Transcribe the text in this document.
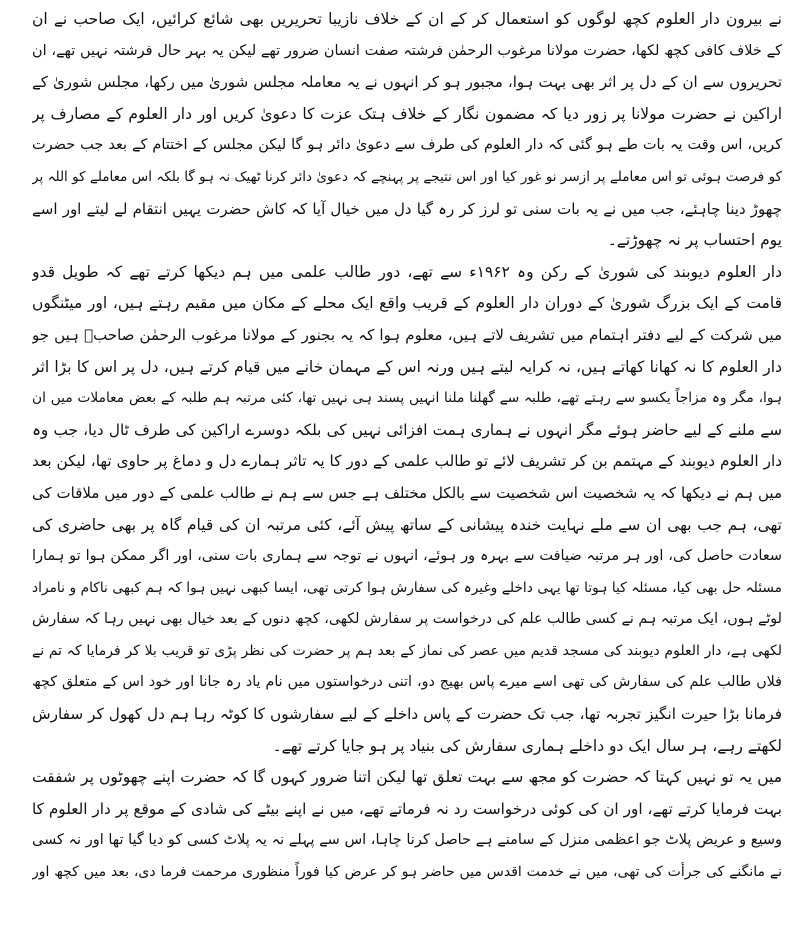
نے بیرون دار العلوم کچھ لوگوں کو استعمال کر کے ان کے خلاف نازیبا تحریریں بھی شائع کرائیں، ایک صاحب نے ان
کے خلاف کافی کچھ لکھا، حضرت مولانا مرغوب الرحمٰن فرشتہ صفت انسان ضرور تھے لیکن یہ بہر حال فرشتہ نہیں تھے، ان
تحریروں سے ان کے دل پر اثر بھی بہت ہوا، مجبور ہو کر انہوں نے یہ معاملہ مجلس شوریٰ میں رکھا، مجلس شوریٰ کے
اراکین نے حضرت مولانا پر زور دیا کہ مضمون نگار کے خلاف ہتک عزت کا دعویٰ کریں اور دار العلوم کے مصارف پر
کریں، اس وقت یہ بات طے ہو گئی کہ دار العلوم کی طرف سے دعویٰ دائر ہو گا لیکن مجلس کے اختتام کے بعد جب حضرت
کو فرصت ہوئی تو اس معاملے پر ازسر نو غور کیا اور اس نتیجے پر پہنچے کہ دعویٰ دائر کرنا ٹھیک نہ ہو گا بلکہ اس معاملے کو اللہ پر
چھوڑ دینا چاہئے، جب میں نے یہ بات سنی تو لرز کر رہ گیا دل میں خیال آیا کہ کاش حضرت یہیں انتقام لے لیتے اور اسے
یوم احتساب پر نہ چھوڑتے۔
دار العلوم دیوبند کی شوریٰ کے رکن وہ ۱۹۶۲ء سے تھے، دور طالب علمی میں ہم دیکھا کرتے تھے کہ طویل قدو
قامت کے ایک بزرگ شوریٰ کے دوران دار العلوم کے قریب واقع ایک محلے کے مکان میں مقیم رہتے ہیں، اور میٹنگوں
میں شرکت کے لیے دفتر اہتمام میں تشریف لاتے ہیں، معلوم ہوا کہ یہ بجنور کے مولانا مرغوب الرحمٰن صاحبؒ ہیں جو
دار العلوم کا نہ کھانا کھاتے ہیں، نہ کرایہ لیتے ہیں ورنہ اس کے مہمان خانے میں قیام کرتے ہیں، دل پر اس کا بڑا اثر
ہوا، مگر وہ مزاجاً یکسو سے رہتے تھے، طلبہ سے گھلنا ملنا انہیں پسند ہی نہیں تھا، کئی مرتبہ ہم طلبہ کے بعض معاملات میں ان
سے ملنے کے لیے حاضر ہوئے مگر انہوں نے ہماری ہمت افزائی نہیں کی بلکہ دوسرے اراکین کی طرف ٹال دیا، جب وہ
دار العلوم دیوبند کے مہتمم بن کر تشریف لائے تو طالب علمی کے دور کا یہ تاثر ہمارے دل و دماغ پر حاوی تھا، لیکن بعد
میں ہم نے دیکھا کہ یہ شخصیت اس شخصیت سے بالکل مختلف ہے جس سے ہم نے طالب علمی کے دور میں ملاقات کی
تھی، ہم جب بھی ان سے ملے نہایت خندہ پیشانی کے ساتھ پیش آئے، کئی مرتبہ ان کی قیام گاہ پر بھی حاضری کی
سعادت حاصل کی، اور ہر مرتبہ ضیافت سے بہرہ ور ہوئے، انہوں نے توجہ سے ہماری بات سنی، اور اگر ممکن ہوا تو ہمارا
مسئلہ حل بھی کیا، مسئلہ کیا ہوتا تھا یہی داخلے وغیرہ کی سفارش ہوا کرتی تھی، ایسا کبھی نہیں ہوا کہ ہم کبھی ناکام و نامراد
لوٹے ہوں، ایک مرتبہ ہم نے کسی طالب علم کی درخواست پر سفارش لکھی، کچھ دنوں کے بعد خیال بھی نہیں رہا کہ سفارش
لکھی ہے، دار العلوم دیوبند کی مسجد قدیم میں عصر کی نماز کے بعد ہم پر حضرت کی نظر پڑی تو قریب بلا کر فرمایا کہ تم نے
فلاں طالب علم کی سفارش کی تھی اسے میرے پاس بھیج دو، اتنی درخواستوں میں نام یاد رہ جانا اور خود اس کے متعلق کچھ
فرمانا بڑا حیرت انگیز تجربہ تھا، جب تک حضرت کے پاس داخلے کے لیے سفارشوں کا کوٹہ رہا ہم دل کھول کر سفارش
لکھتے رہے، ہر سال ایک دو داخلے ہماری سفارش کی بنیاد پر ہو جایا کرتے تھے۔
میں یہ تو نہیں کہتا کہ حضرت کو مجھ سے بہت تعلق تھا لیکن اتنا ضرور کہوں گا کہ حضرت اپنے چھوٹوں پر شفقت
بہت فرمایا کرتے تھے، اور ان کی کوئی درخواست رد نہ فرماتے تھے، میں نے اپنے بیٹے کی شادی کے موقع پر دار العلوم کا
وسیع و عریض پلاٹ جو اعظمی منزل کے سامنے ہے حاصل کرنا چاہا، اس سے پہلے نہ یہ پلاٹ کسی کو دیا گیا تھا اور نہ کسی
نے مانگنے کی جرأت کی تھی، میں نے خدمت اقدس میں حاضر ہو کر عرض کیا فوراً منظوری مرحمت فرما دی، بعد میں کچھ اور
